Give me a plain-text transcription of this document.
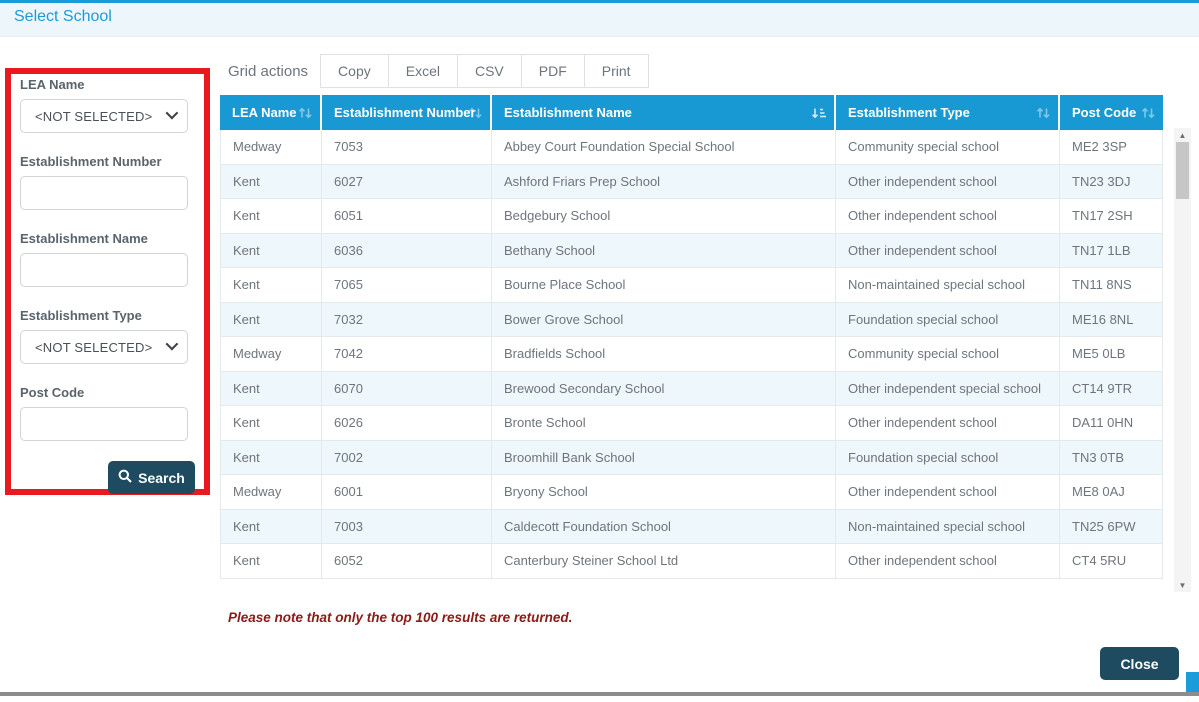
Select School
LEA Name
<NOT SELECTED>
Establishment Number
Establishment Name
Establishment Type
<NOT SELECTED>
Post Code
Search
Grid actions	Copy	Excel	CSV	PDF	Print
LEA Name	Establishment Number	Establishment Name	Establishment Type	Post Code

Medway	7053	Abbey Court Foundation Special School	Community special school	ME2 3SP
Kent	6027	Ashford Friars Prep School	Other independent school	TN23 3DJ
Kent	6051	Bedgebury School	Other independent school	TN17 2SH
Kent	6036	Bethany School	Other independent school	TN17 1LB
Kent	7065	Bourne Place School	Non-maintained special school	TN11 8NS
Kent	7032	Bower Grove School	Foundation special school	ME16 8NL
Medway	7042	Bradfields School	Community special school	ME5 0LB
Kent	6070	Brewood Secondary School	Other independent special school	CT14 9TR
Kent	6026	Bronte School	Other independent school	DA11 0HN
Kent	7002	Broomhill Bank School	Foundation special school	TN3 0TB
Medway	6001	Bryony School	Other independent school	ME8 0AJ
Kent	7003	Caldecott Foundation School	Non-maintained special school	TN25 6PW
Kent	6052	Canterbury Steiner School Ltd	Other independent school	CT4 5RU
▲
▼
Please note that only the top 100 results are returned.
Close
